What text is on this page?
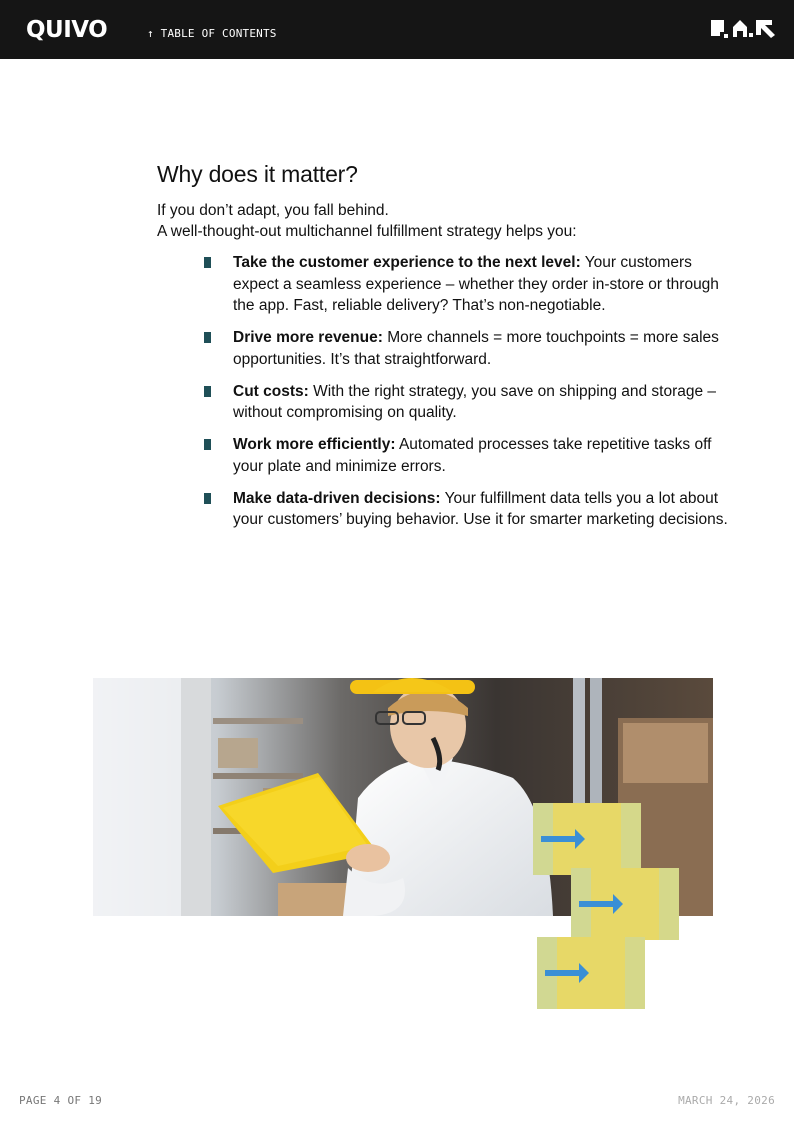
QUIVO	↑ TABLE OF CONTENTS
Why does it matter?
If you don’t adapt, you fall behind.
A well-thought-out multichannel fulfillment strategy helps you:
Take the customer experience to the next level: Your customers expect a seamless experience – whether they order in-store or through the app. Fast, reliable delivery? That’s non-negotiable.
Drive more revenue: More channels = more touchpoints = more sales opportunities. It’s that straightforward.
Cut costs: With the right strategy, you save on shipping and storage – without compromising on quality.
Work more efficiently: Automated processes take repetitive tasks off your plate and minimize errors.
Make data-driven decisions: Your fulfillment data tells you a lot about your customers’ buying behavior. Use it for smarter marketing decisions.
PAGE 4 OF 19	MARCH 24, 2026
